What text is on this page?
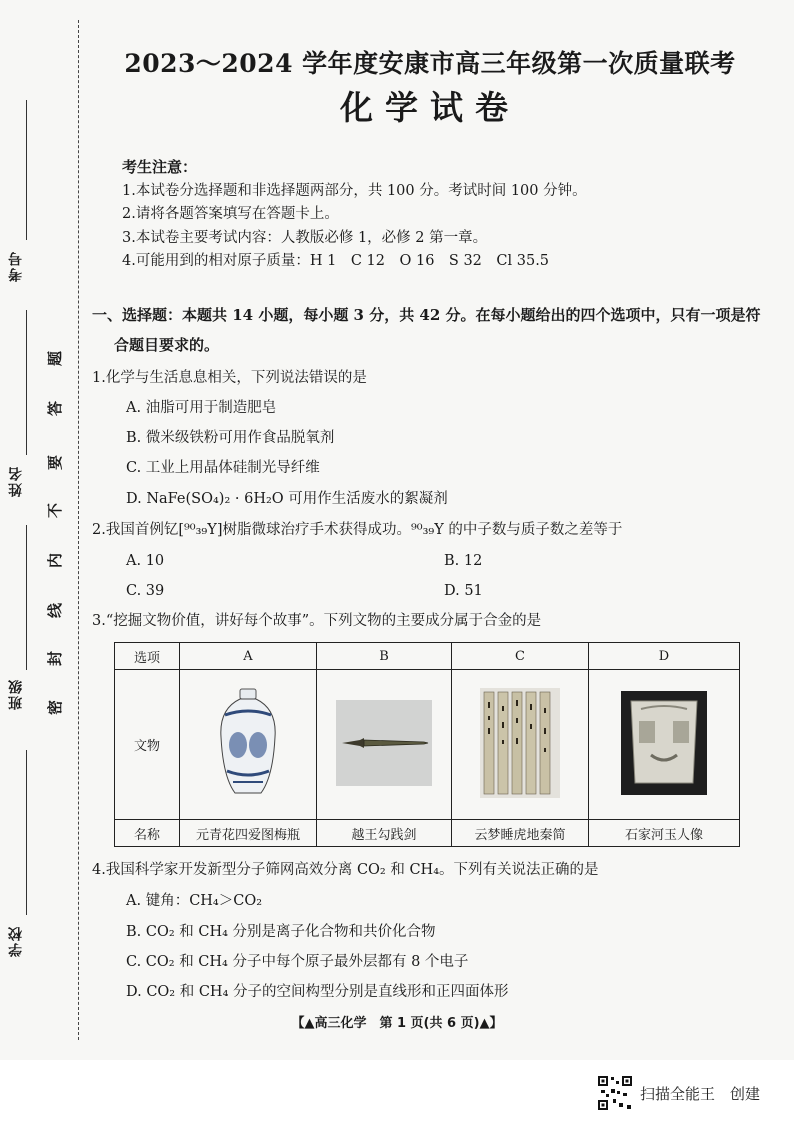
考号
姓名
班级
学校
密
封
线
内
不
要
答
题
2023～2024 学年度安康市高三年级第一次质量联考
化学试卷
考生注意：
1.本试卷分选择题和非选择题两部分，共 100 分。考试时间 100 分钟。
2.请将各题答案填写在答题卡上。
3.本试卷主要考试内容：人教版必修 1，必修 2 第一章。
4.可能用到的相对原子质量：H 1　C 12　O 16　S 32　Cl 35.5
一、选择题：本题共 14 小题，每小题 3 分，共 42 分。在每小题给出的四个选项中，只有一项是符
合题目要求的。
1.化学与生活息息相关，下列说法错误的是
A. 油脂可用于制造肥皂
B. 微米级铁粉可用作食品脱氧剂
C. 工业上用晶体硅制光导纤维
D. NaFe(SO₄)₂ · 6H₂O 可用作生活废水的絮凝剂
2.我国首例钇[⁹⁰₃₉Y]树脂微球治疗手术获得成功。⁹⁰₃₉Y 的中子数与质子数之差等于
A. 10	B. 12
C. 39	D. 51
3.“挖掘文物价值，讲好每个故事”。下列文物的主要成分属于合金的是
选项	A	B	C	D
文物				
名称	元青花四爱图梅瓶	越王勾践剑	云梦睡虎地秦简	石家河玉人像
4.我国科学家开发新型分子筛网高效分离 CO₂ 和 CH₄。下列有关说法正确的是
A. 键角：CH₄＞CO₂
B. CO₂ 和 CH₄ 分别是离子化合物和共价化合物
C. CO₂ 和 CH₄ 分子中每个原子最外层都有 8 个电子
D. CO₂ 和 CH₄ 分子的空间构型分别是直线形和正四面体形
【▲高三化学　第 1 页(共 6 页)▲】
扫描全能王　创建
